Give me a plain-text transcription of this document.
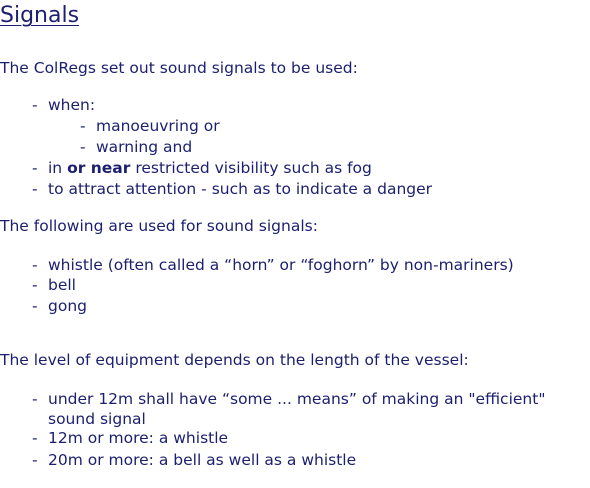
Signals
The ColRegs set out sound signals to be used:
- when:
- manoeuvring or
- warning and
- in or near restricted visibility such as fog
- to attract attention - such as to indicate a danger
The following are used for sound signals:
- whistle (often called a “horn” or “foghorn” by non-mariners)
- bell
- gong
The level of equipment depends on the length of the vessel:
- under 12m shall have “some ... means” of making an "efficient"
sound signal
- 12m or more: a whistle
- 20m or more: a bell as well as a whistle
